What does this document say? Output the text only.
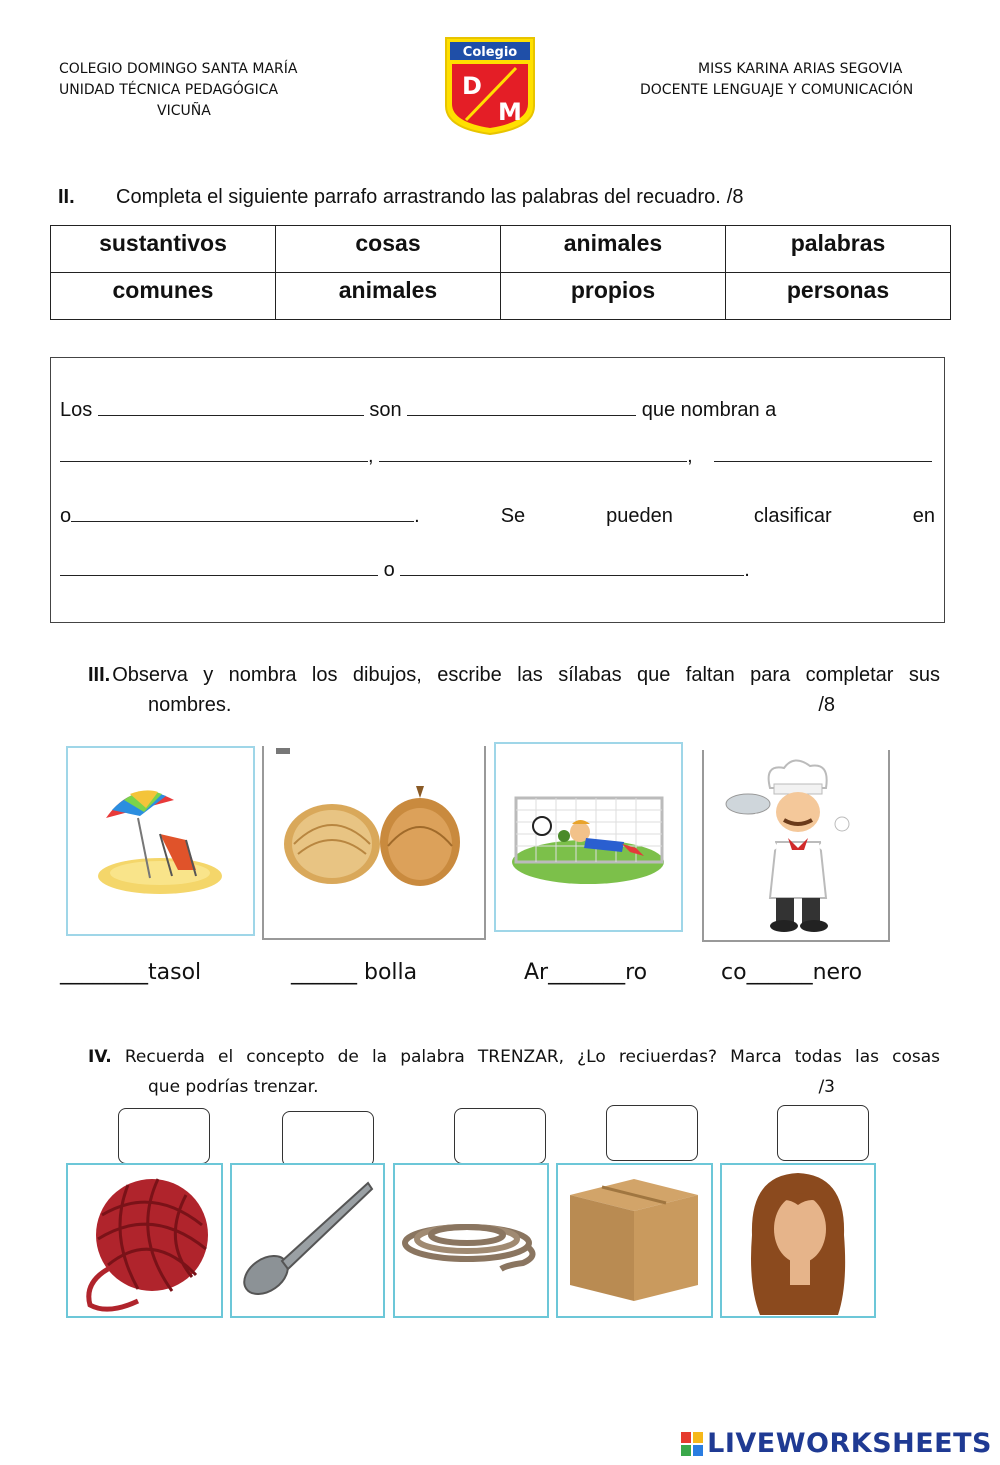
COLEGIO DOMINGO SANTA MARÍA
UNIDAD TÉCNICA PEDAGÓGICA
VICUÑA
Colegio
D
M
MISS KARINA ARIAS SEGOVIA
DOCENTE LENGUAJE Y COMUNICACIÓN
II. Completa el siguiente parrafo arrastrando las palabras del recuadro. /8
sustantivos	cosas	animales	palabras
comunes	animales	propios	personas
Los	son	que nombran a
,	,
o	.	Se	pueden	clasificar	en
o	.
III. Observa y nombra los dibujos, escribe las sílabas que faltan para completar sus
nombres.	/8
________tasol	______ bolla	Ar_______ro	co______nero
IV. Recuerda el concepto de la palabra TRENZAR, ¿Lo reciuerdas? Marca todas las cosas
que podrías trenzar.	/3
LIVEWORKSHEETS
